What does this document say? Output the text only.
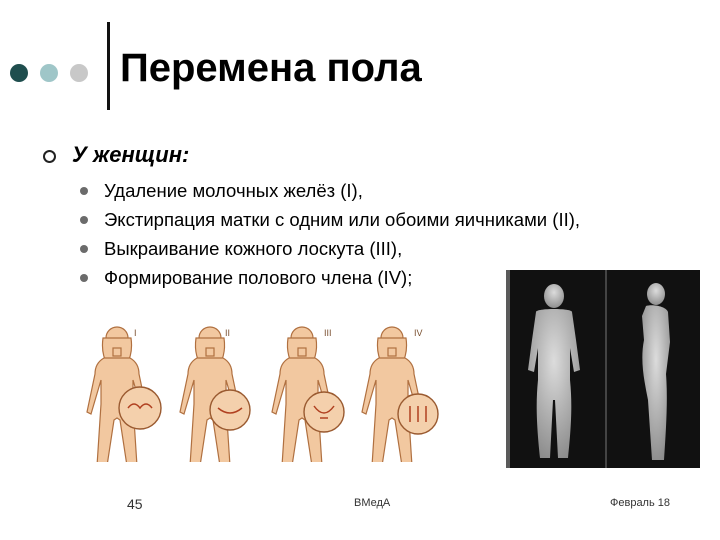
Перемена пола
У женщин:
Удаление молочных желёз (I),
Экстирпация матки с одним или обоими яичниками (II),
Выкраивание кожного лоскута (III),
Формирование полового члена (IV);
I	II	III	IV
45	ВМедА	Февраль 18
